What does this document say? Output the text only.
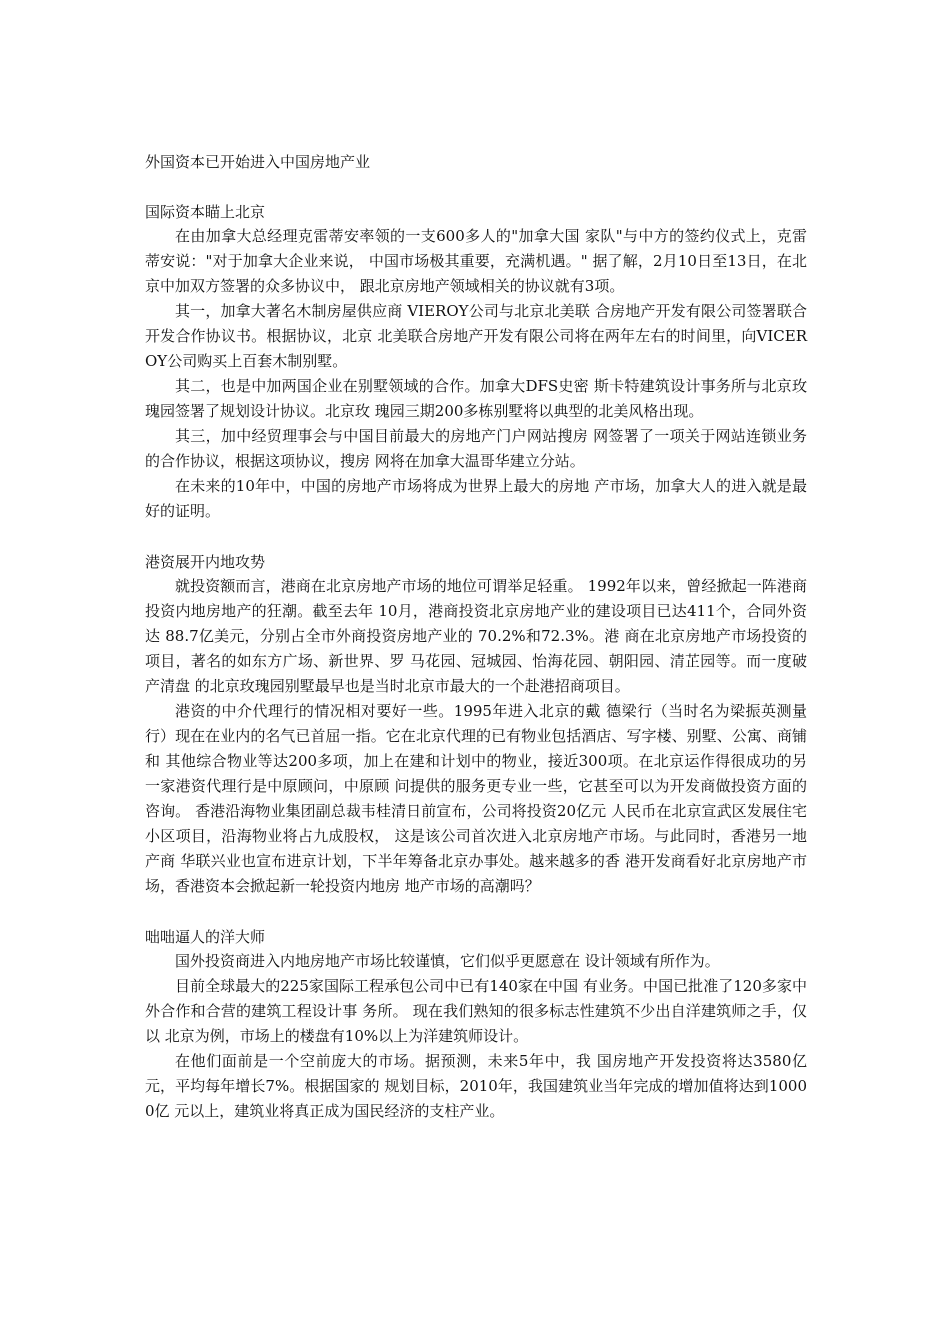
外国资本已开始进入中国房地产业
国际资本瞄上北京

在由加拿大总经理克雷蒂安率领的一支600多人的"加拿大国 家队"与中方的签约仪式上，克雷蒂安说："对于加拿大企业来说， 中国市场极其重要，充满机遇。" 据了解，2月10日至13日，在北京中加双方签署的众多协议中， 跟北京房地产领域相关的协议就有3项。

其一，加拿大著名木制房屋供应商 VIEROY公司与北京北美联 合房地产开发有限公司签署联合开发合作协议书。根据协议，北京 北美联合房地产开发有限公司将在两年左右的时间里，向VICEROY公司购买上百套木制别墅。

其二，也是中加两国企业在别墅领域的合作。加拿大DFS史密 斯卡特建筑设计事务所与北京玫瑰园签署了规划设计协议。北京玫 瑰园三期200多栋别墅将以典型的北美风格出现。

其三，加中经贸理事会与中国目前最大的房地产门户网站搜房 网签署了一项关于网站连锁业务的合作协议，根据这项协议，搜房 网将在加拿大温哥华建立分站。

在未来的10年中，中国的房地产市场将成为世界上最大的房地 产市场，加拿大人的进入就是最好的证明。

港资展开内地攻势

就投资额而言，港商在北京房地产市场的地位可谓举足轻重。 1992年以来，曾经掀起一阵港商投资内地房地产的狂潮。截至去年 10月，港商投资北京房地产业的建设项目已达411个，合同外资达 88.7亿美元，分别占全市外商投资房地产业的 70.2%和72.3%。港 商在北京房地产市场投资的项目，著名的如东方广场、新世界、罗 马花园、冠城园、怡海花园、朝阳园、清芷园等。而一度破产清盘 的北京玫瑰园别墅最早也是当时北京市最大的一个赴港招商项目。

港资的中介代理行的情况相对要好一些。1995年进入北京的戴 德梁行（当时名为梁振英测量行）现在在业内的名气已首屈一指。它在北京代理的已有物业包括酒店、写字楼、别墅、公寓、商铺和 其他综合物业等达200多项，加上在建和计划中的物业，接近300项。在北京运作得很成功的另一家港资代理行是中原顾问，中原顾 问提供的服务更专业一些，它甚至可以为开发商做投资方面的咨询。 香港沿海物业集团副总裁韦桂清日前宣布，公司将投资20亿元 人民币在北京宣武区发展住宅小区项目，沿海物业将占九成股权， 这是该公司首次进入北京房地产市场。与此同时，香港另一地产商 华联兴业也宣布进京计划，下半年筹备北京办事处。越来越多的香 港开发商看好北京房地产市场，香港资本会掀起新一轮投资内地房 地产市场的高潮吗？

咄咄逼人的洋大师

国外投资商进入内地房地产市场比较谨慎，它们似乎更愿意在 设计领域有所作为。

目前全球最大的225家国际工程承包公司中已有140家在中国 有业务。中国已批准了120多家中外合作和合营的建筑工程设计事 务所。 现在我们熟知的很多标志性建筑不少出自洋建筑师之手，仅以 北京为例，市场上的楼盘有10%以上为洋建筑师设计。

在他们面前是一个空前庞大的市场。据预测，未来5年中，我 国房地产开发投资将达3580亿元，平均每年增长7%。根据国家的 规划目标，2010年，我国建筑业当年完成的增加值将达到10000亿 元以上，建筑业将真正成为国民经济的支柱产业。
